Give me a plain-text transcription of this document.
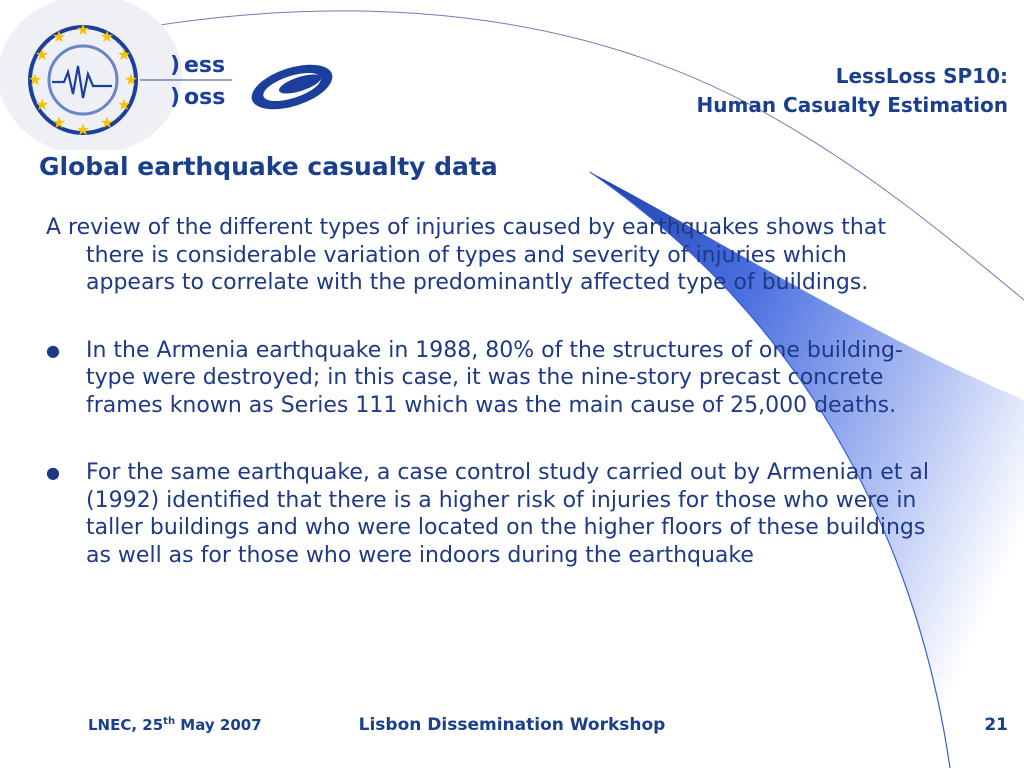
★ ★
★
★
★
★
★
★
★
★
★
★
) ess
) oss
LessLoss SP10:
Human Casualty Estimation
Global earthquake casualty data

A review of the different types of injuries caused by earthquakes shows that there is considerable variation of types and severity of injuries which appears to correlate with the predominantly affected type of buildings.

● In the Armenia earthquake in 1988, 80% of the structures of one building-type were destroyed; in this case, it was the nine-story precast concrete frames known as Series 111 which was the main cause of 25,000 deaths.
● For the same earthquake, a case control study carried out by Armenian et al (1992) identified that there is a higher risk of injuries for those who were in taller buildings and who were located on the higher floors of these buildings as well as for those who were indoors during the earthquake
LNEC, 25th May 2007	Lisbon Dissemination Workshop	21
